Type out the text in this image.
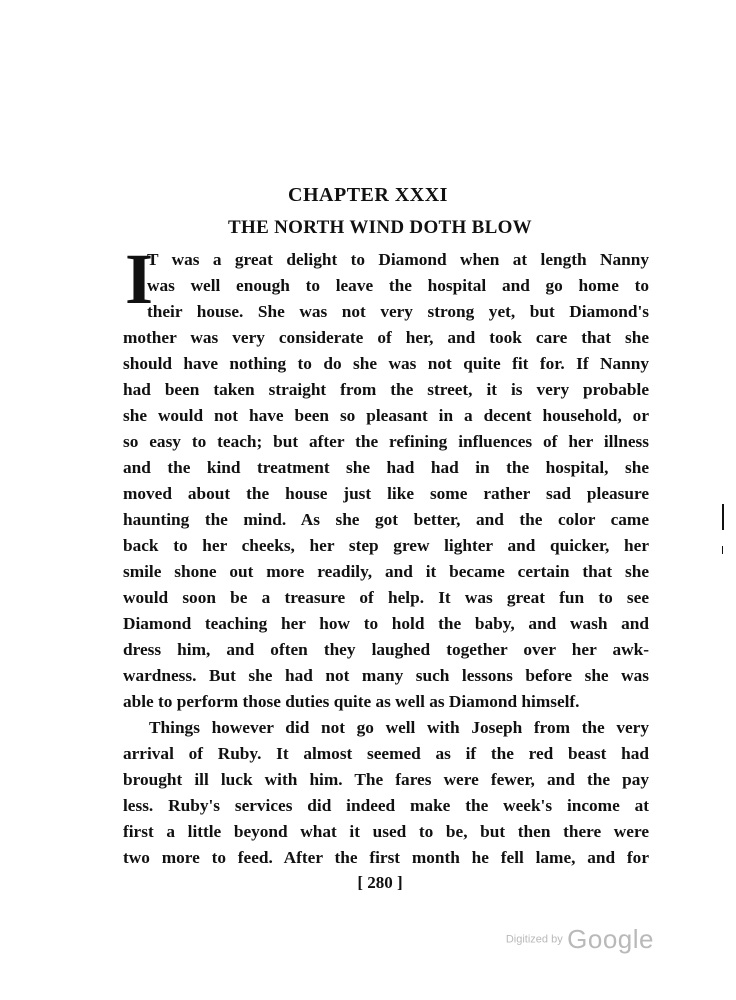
CHAPTER XXXI
THE NORTH WIND DOTH BLOW
I
T was a great delight to Diamond when at length Nanny
was well enough to leave the hospital and go home to
their house. She was not very strong yet, but Diamond's
mother was very considerate of her, and took care that she
should have nothing to do she was not quite fit for. If Nanny
had been taken straight from the street, it is very probable
she would not have been so pleasant in a decent household, or
so easy to teach; but after the refining influences of her illness
and the kind treatment she had had in the hospital, she
moved about the house just like some rather sad pleasure
haunting the mind. As she got better, and the color came
back to her cheeks, her step grew lighter and quicker, her
smile shone out more readily, and it became certain that she
would soon be a treasure of help. It was great fun to see
Diamond teaching her how to hold the baby, and wash and
dress him, and often they laughed together over her awk-
wardness. But she had not many such lessons before she was
able to perform those duties quite as well as Diamond himself.
Things however did not go well with Joseph from the very
arrival of Ruby. It almost seemed as if the red beast had
brought ill luck with him. The fares were fewer, and the pay
less. Ruby's services did indeed make the week's income at
first a little beyond what it used to be, but then there were
two more to feed. After the first month he fell lame, and for
[ 280 ]
Digitized by Google
